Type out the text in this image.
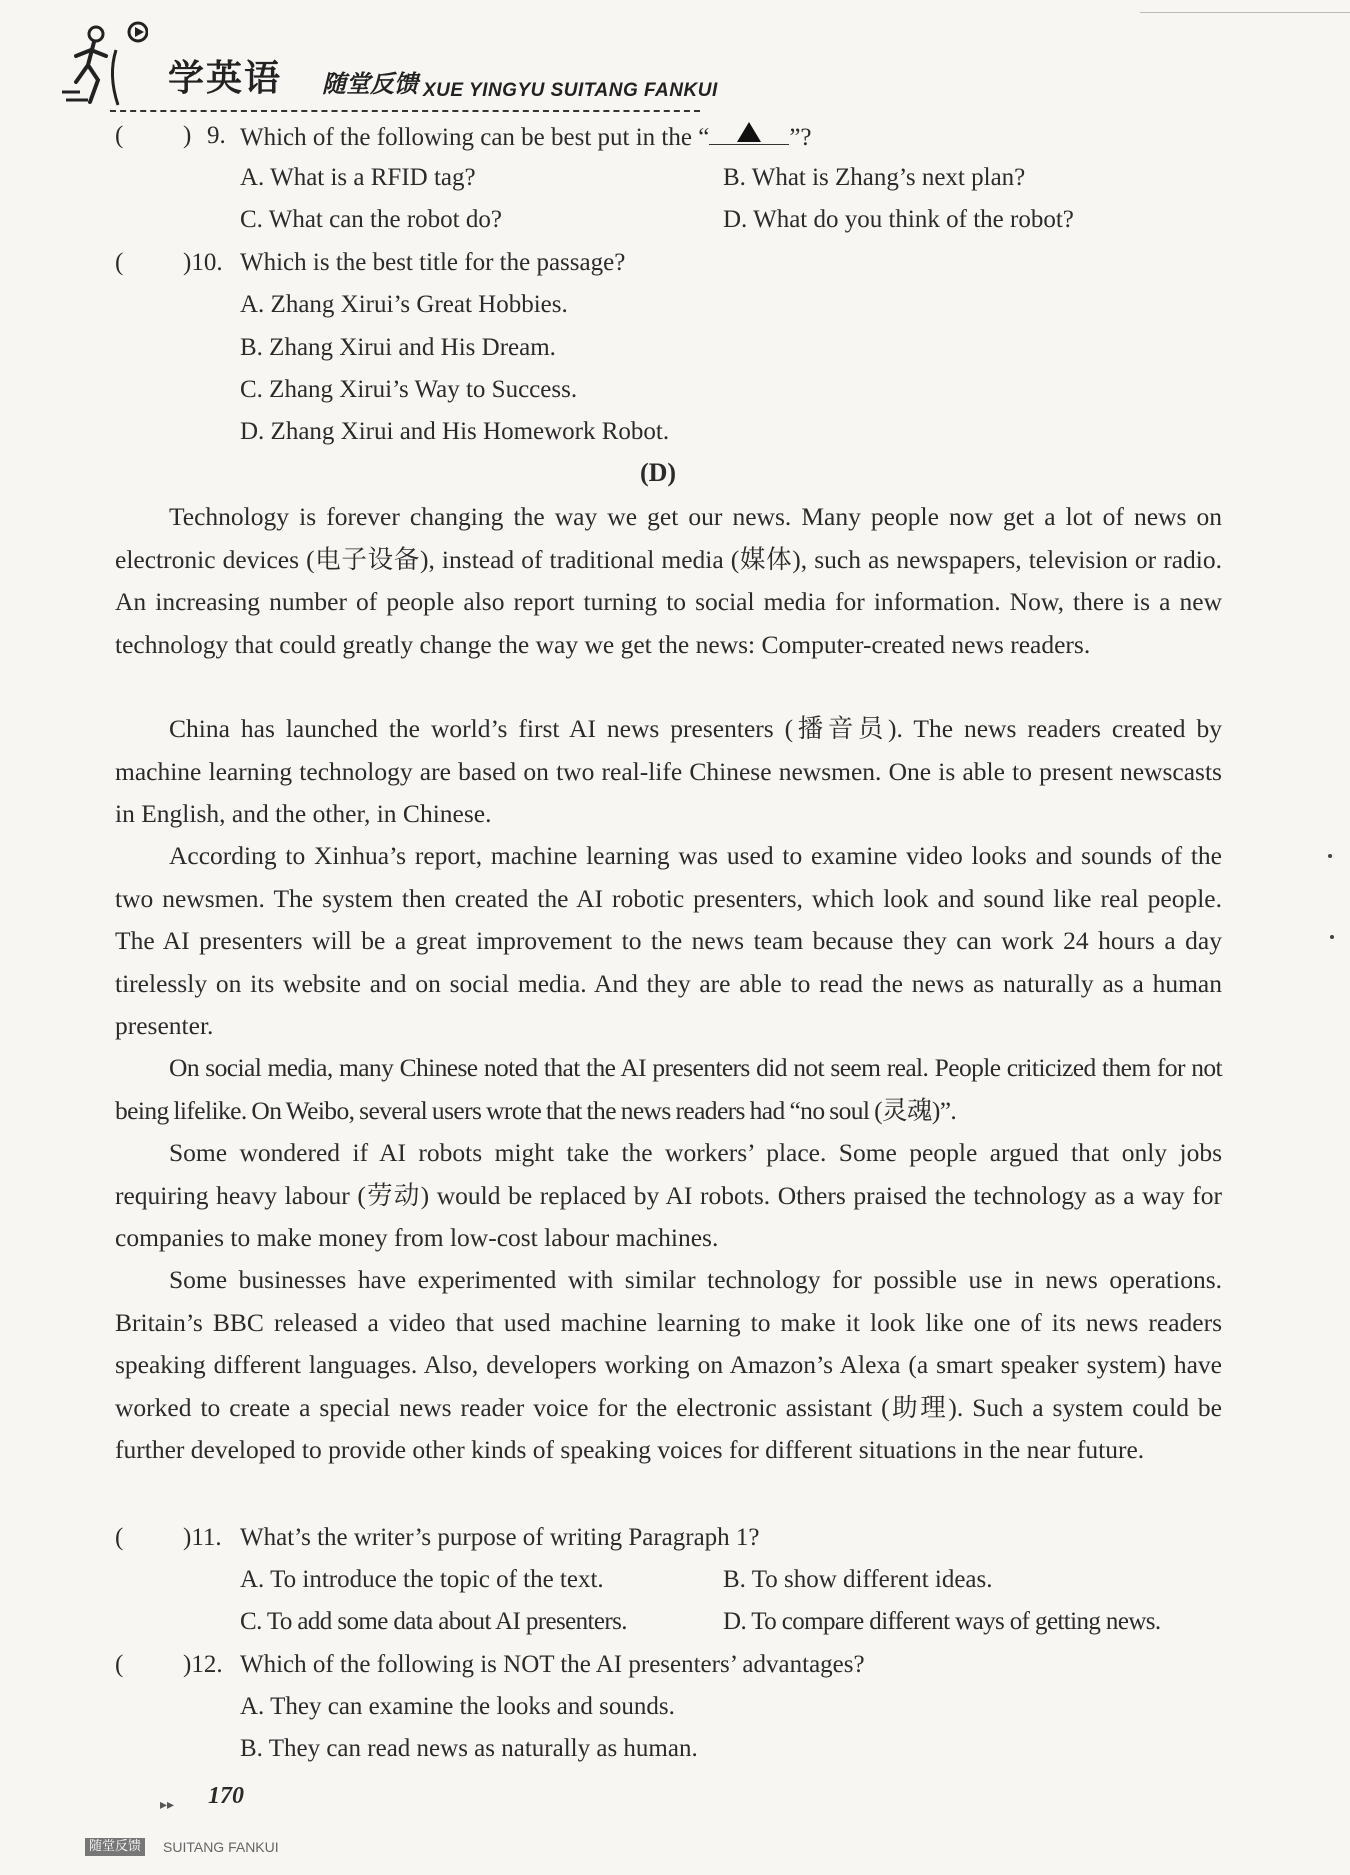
学英语 随堂反馈 XUE YINGYU SUITANG FANKUI
( ) 9. Which of the following can be best put in the “	”?
A. What is a RFID tag?	B. What is Zhang’s next plan?
C. What can the robot do?	D. What do you think of the robot?
( )10. Which is the best title for the passage?
A. Zhang Xirui’s Great Hobbies.
B. Zhang Xirui and His Dream.
C. Zhang Xirui’s Way to Success.
D. Zhang Xirui and His Homework Robot.
(D)
Technology is forever changing the way we get our news. Many people now get a lot of news on electronic devices (电子设备), instead of traditional media (媒体), such as newspapers, television or radio. An increasing number of people also report turning to social media for information. Now, there is a new technology that could greatly change the way we get the news: Computer-created news readers.
China has launched the world’s first AI news presenters (播音员). The news readers created by machine learning technology are based on two real-life Chinese newsmen. One is able to present newscasts in English, and the other, in Chinese.
According to Xinhua’s report, machine learning was used to examine video looks and sounds of the two newsmen. The system then created the AI robotic presenters, which look and sound like real people. The AI presenters will be a great improvement to the news team because they can work 24 hours a day tirelessly on its website and on social media. And they are able to read the news as naturally as a human presenter.
On social media, many Chinese noted that the AI presenters did not seem real. People criticized them for not being lifelike. On Weibo, several users wrote that the news readers had “no soul (灵魂)”.
Some wondered if AI robots might take the workers’ place. Some people argued that only jobs requiring heavy labour (劳动) would be replaced by AI robots. Others praised the technology as a way for companies to make money from low-cost labour machines.
Some businesses have experimented with similar technology for possible use in news operations. Britain’s BBC released a video that used machine learning to make it look like one of its news readers speaking different languages. Also, developers working on Amazon’s Alexa (a smart speaker system) have worked to create a special news reader voice for the electronic assistant (助理). Such a system could be further developed to provide other kinds of speaking voices for different situations in the near future.
( )11. What’s the writer’s purpose of writing Paragraph 1?
A. To introduce the topic of the text.	B. To show different ideas.
C. To add some data about AI presenters.	D. To compare different ways of getting news.
( )12. Which of the following is NOT the AI presenters’ advantages?
A. They can examine the looks and sounds.
B. They can read news as naturally as human.
▸▸ 170
随堂反馈 SUITANG FANKUI
